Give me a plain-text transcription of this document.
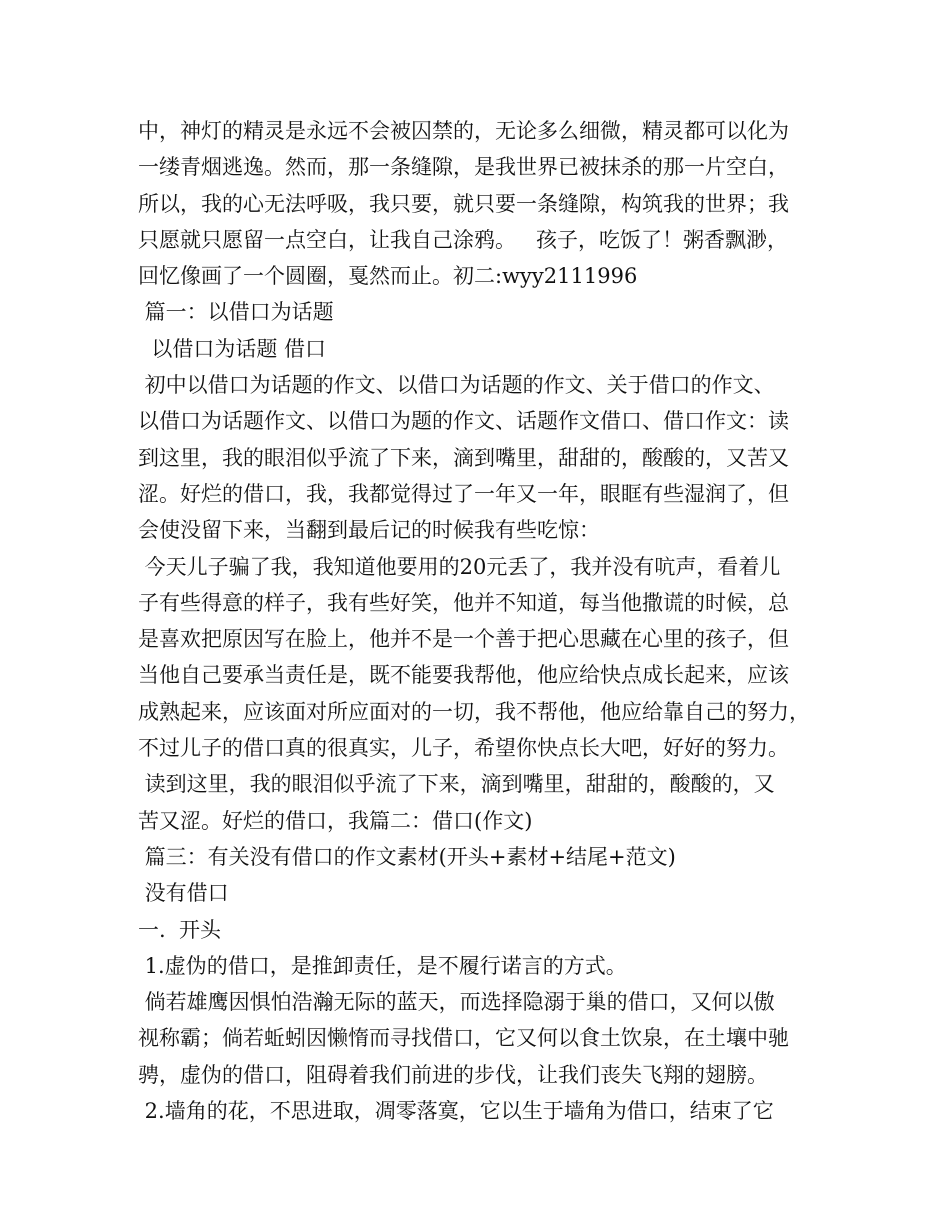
中，神灯的精灵是永远不会被囚禁的，无论多么细微，精灵都可以化为
一缕青烟逃逸。然而，那一条缝隙，是我世界已被抹杀的那一片空白，
所以，我的心无法呼吸，我只要，就只要一条缝隙，构筑我的世界；我
只愿就只愿留一点空白，让我自己涂鸦。   孩子，吃饭了！粥香飘渺，
回忆像画了一个圆圈，戛然而止。初二:wyy2111996
篇一：以借口为话题
以借口为话题 借口
初中以借口为话题的作文、以借口为话题的作文、关于借口的作文、
以借口为话题作文、以借口为题的作文、话题作文借口、借口作文：读
到这里，我的眼泪似乎流了下来，滴到嘴里，甜甜的，酸酸的，又苦又
涩。好烂的借口，我，我都觉得过了一年又一年，眼眶有些湿润了，但
会使没留下来，当翻到最后记的时候我有些吃惊：
今天儿子骗了我，我知道他要用的20元丢了，我并没有吭声，看着儿
子有些得意的样子，我有些好笑，他并不知道，每当他撒谎的时候，总
是喜欢把原因写在脸上，他并不是一个善于把心思藏在心里的孩子，但
当他自己要承当责任是，既不能要我帮他，他应给快点成长起来，应该
成熟起来，应该面对所应面对的一切，我不帮他，他应给靠自己的努力，
不过儿子的借口真的很真实，儿子，希望你快点长大吧，好好的努力。
读到这里，我的眼泪似乎流了下来，滴到嘴里，甜甜的，酸酸的，又
苦又涩。好烂的借口，我篇二：借口(作文)
篇三：有关没有借口的作文素材(开头+素材+结尾+范文)
没有借口
一.  开头
1.虚伪的借口，是推卸责任，是不履行诺言的方式。
倘若雄鹰因惧怕浩瀚无际的蓝天，而选择隐溺于巢的借口，又何以傲
视称霸；倘若蚯蚓因懒惰而寻找借口，它又何以食土饮泉，在土壤中驰
骋，虚伪的借口，阻碍着我们前进的步伐，让我们丧失飞翔的翅膀。
2.墙角的花，不思进取，凋零落寞，它以生于墙角为借口，结束了它
